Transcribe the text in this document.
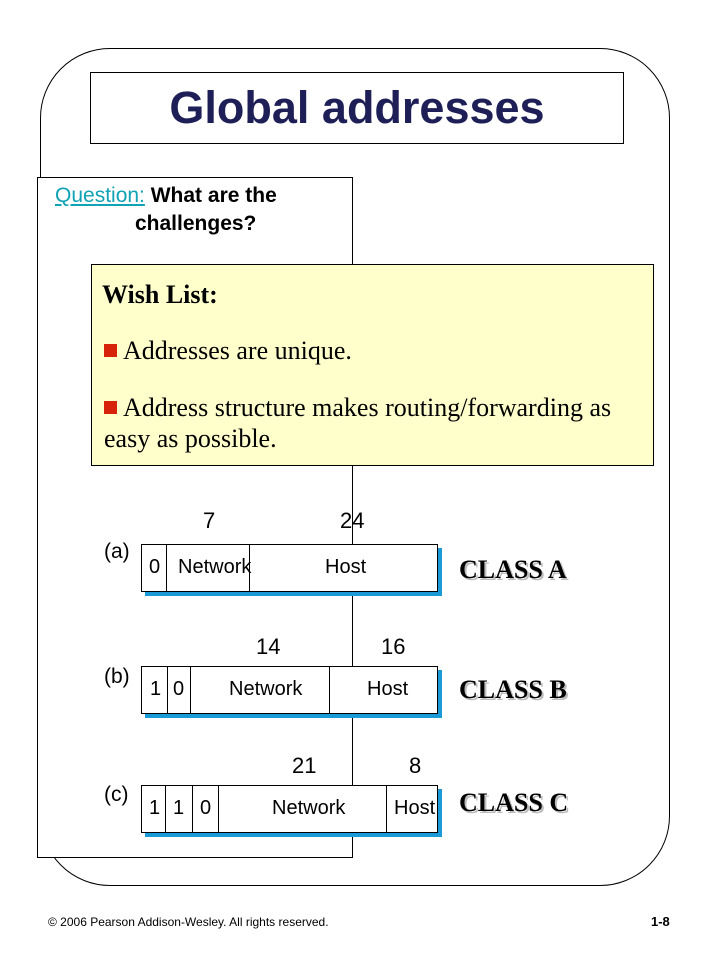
Global addresses
Question: What are the
challenges?
Wish List:
Addresses are unique.
Address structure makes routing/forwarding as easy as possible.
7	24
(a)
0 Network	Host	CLASS A
14	16
(b)
1 0 Network	Host CLASS B
21	8
(c)
1 1 0	Network Host CLASS C
© 2006 Pearson Addison-Wesley. All rights reserved.	1-8
